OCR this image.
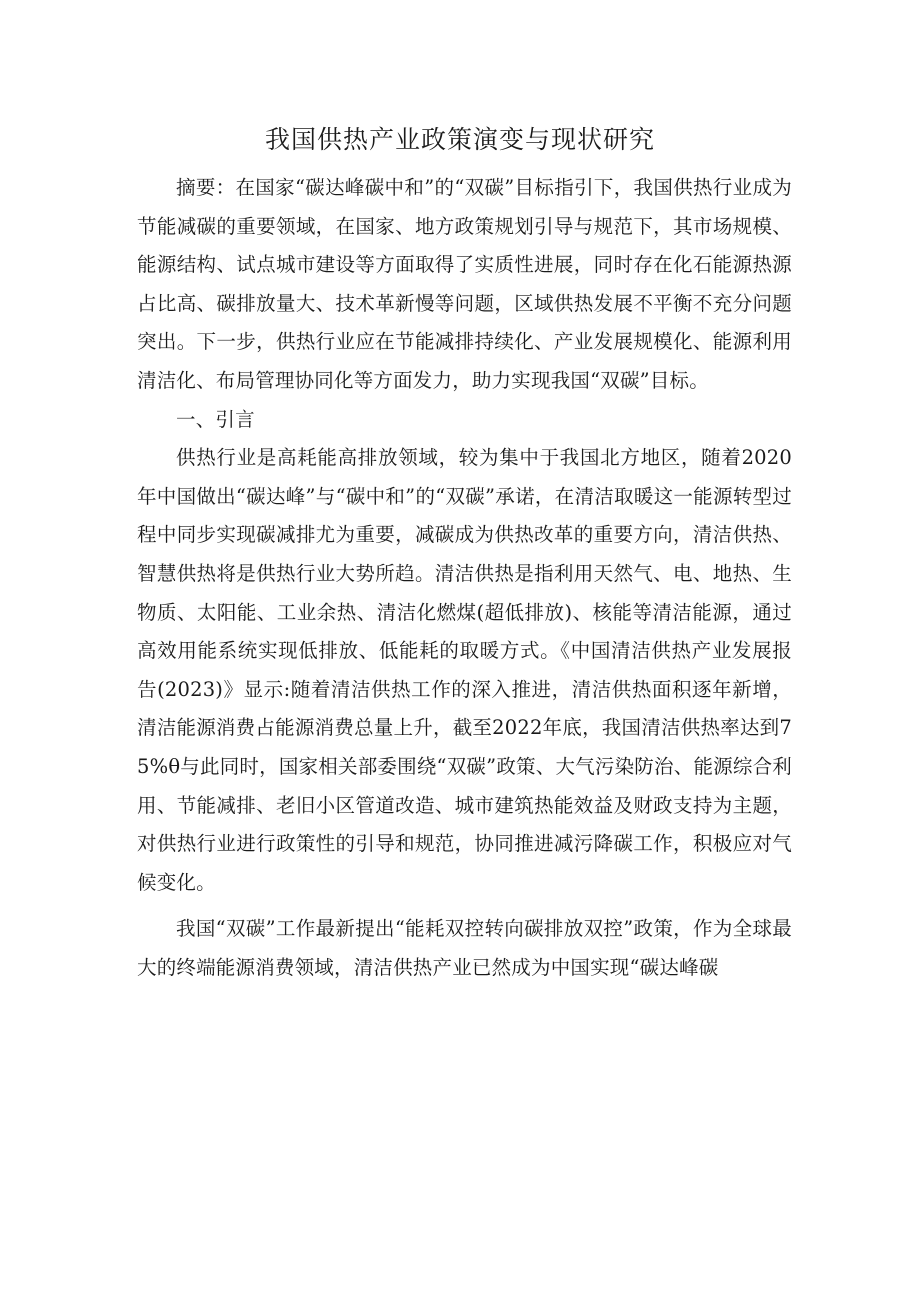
我国供热产业政策演变与现状研究

摘要：在国家“碳达峰碳中和”的“双碳”目标指引下，我国供热行业成为节能减碳的重要领域，在国家、地方政策规划引导与规范下，其市场规模、能源结构、试点城市建设等方面取得了实质性进展，同时存在化石能源热源占比高、碳排放量大、技术革新慢等问题，区域供热发展不平衡不充分问题突出。下一步，供热行业应在节能减排持续化、产业发展规模化、能源利用清洁化、布局管理协同化等方面发力，助力实现我国“双碳”目标。

一、引言

供热行业是高耗能高排放领域，较为集中于我国北方地区，随着2020年中国做出“碳达峰”与“碳中和”的“双碳”承诺，在清洁取暖这一能源转型过程中同步实现碳减排尤为重要，减碳成为供热改革的重要方向，清洁供热、智慧供热将是供热行业大势所趋。清洁供热是指利用天然气、电、地热、生物质、太阳能、工业余热、清洁化燃煤(超低排放)、核能等清洁能源，通过高效用能系统实现低排放、低能耗的取暖方式。《中国清洁供热产业发展报告(2023)》显示:随着清洁供热工作的深入推进，清洁供热面积逐年新增，清洁能源消费占能源消费总量上升，截至2022年底，我国清洁供热率达到75%θ与此同时，国家相关部委围绕“双碳”政策、大气污染防治、能源综合利用、节能减排、老旧小区管道改造、城市建筑热能效益及财政支持为主题，对供热行业进行政策性的引导和规范，协同推进减污降碳工作，积极应对气候变化。

我国“双碳”工作最新提出“能耗双控转向碳排放双控”政策，作为全球最大的终端能源消费领域，清洁供热产业已然成为中国实现“碳达峰碳
